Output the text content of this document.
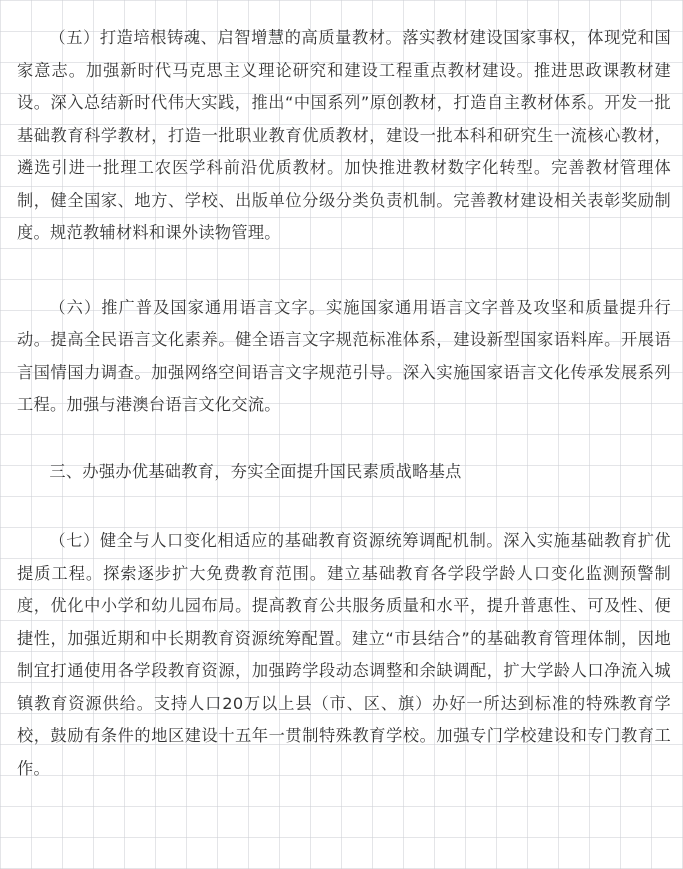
（五）打造培根铸魂、启智增慧的高质量教材。落实教材建设国家事权，体现党和国家意志。加强新时代马克思主义理论研究和建设工程重点教材建设。推进思政课教材建设。深入总结新时代伟大实践，推出“中国系列”原创教材，打造自主教材体系。开发一批基础教育科学教材，打造一批职业教育优质教材，建设一批本科和研究生一流核心教材，遴选引进一批理工农医学科前沿优质教材。加快推进教材数字化转型。完善教材管理体制，健全国家、地方、学校、出版单位分级分类负责机制。完善教材建设相关表彰奖励制度。规范教辅材料和课外读物管理。

（六）推广普及国家通用语言文字。实施国家通用语言文字普及攻坚和质量提升行动。提高全民语言文化素养。健全语言文字规范标准体系，建设新型国家语料库。开展语言国情国力调查。加强网络空间语言文字规范引导。深入实施国家语言文化传承发展系列工程。加强与港澳台语言文化交流。

三、办强办优基础教育，夯实全面提升国民素质战略基点

（七）健全与人口变化相适应的基础教育资源统筹调配机制。深入实施基础教育扩优提质工程。探索逐步扩大免费教育范围。建立基础教育各学段学龄人口变化监测预警制度，优化中小学和幼儿园布局。提高教育公共服务质量和水平，提升普惠性、可及性、便捷性，加强近期和中长期教育资源统筹配置。建立“市县结合”的基础教育管理体制，因地制宜打通使用各学段教育资源，加强跨学段动态调整和余缺调配，扩大学龄人口净流入城镇教育资源供给。支持人口20万以上县（市、区、旗）办好一所达到标准的特殊教育学校，鼓励有条件的地区建设十五年一贯制特殊教育学校。加强专门学校建设和专门教育工作。
